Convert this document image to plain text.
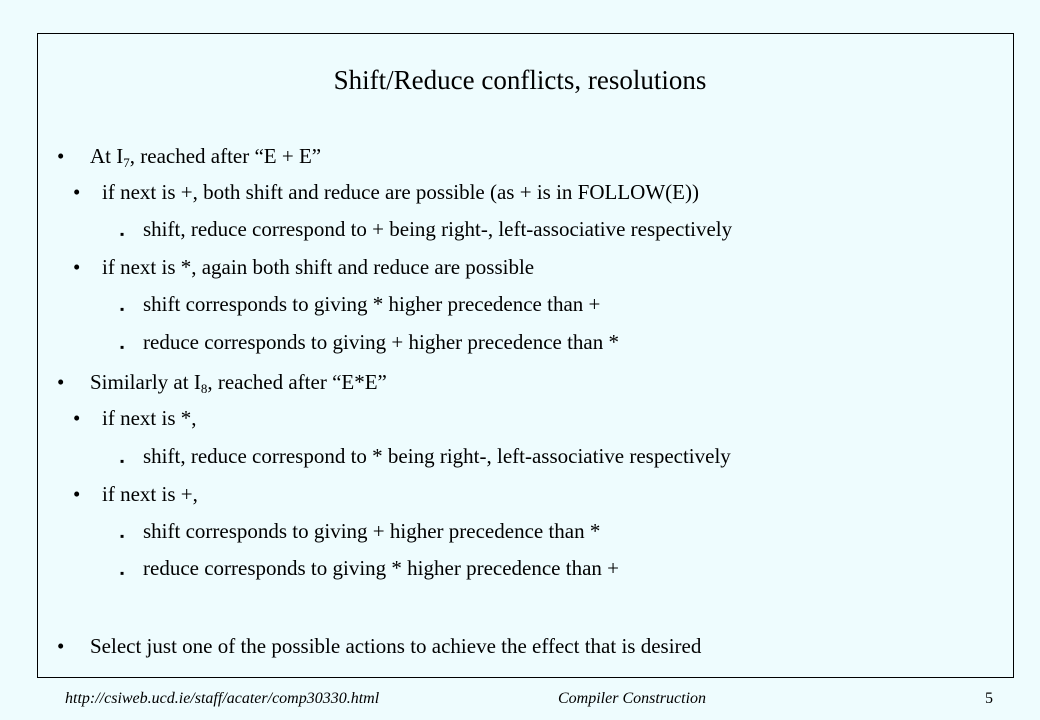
Shift/Reduce conflicts, resolutions
• At $I_7$, reached after “E + E”
• if next is +, both shift and reduce are possible (as + is in FOLLOW(E))
▪ shift, reduce correspond to + being right-, left-associative respectively
• if next is *, again both shift and reduce are possible
▪ shift corresponds to giving * higher precedence than +
▪ reduce corresponds to giving + higher precedence than *
• Similarly at $I_8$, reached after “E*E”
• if next is *,
▪ shift, reduce correspond to * being right-, left-associative respectively
• if next is +,
▪ shift corresponds to giving + higher precedence than *
▪ reduce corresponds to giving * higher precedence than +
• Select just one of the possible actions to achieve the effect that is desired
http://csiweb.ucd.ie/staff/acater/comp30330.html	Compiler Construction	5
